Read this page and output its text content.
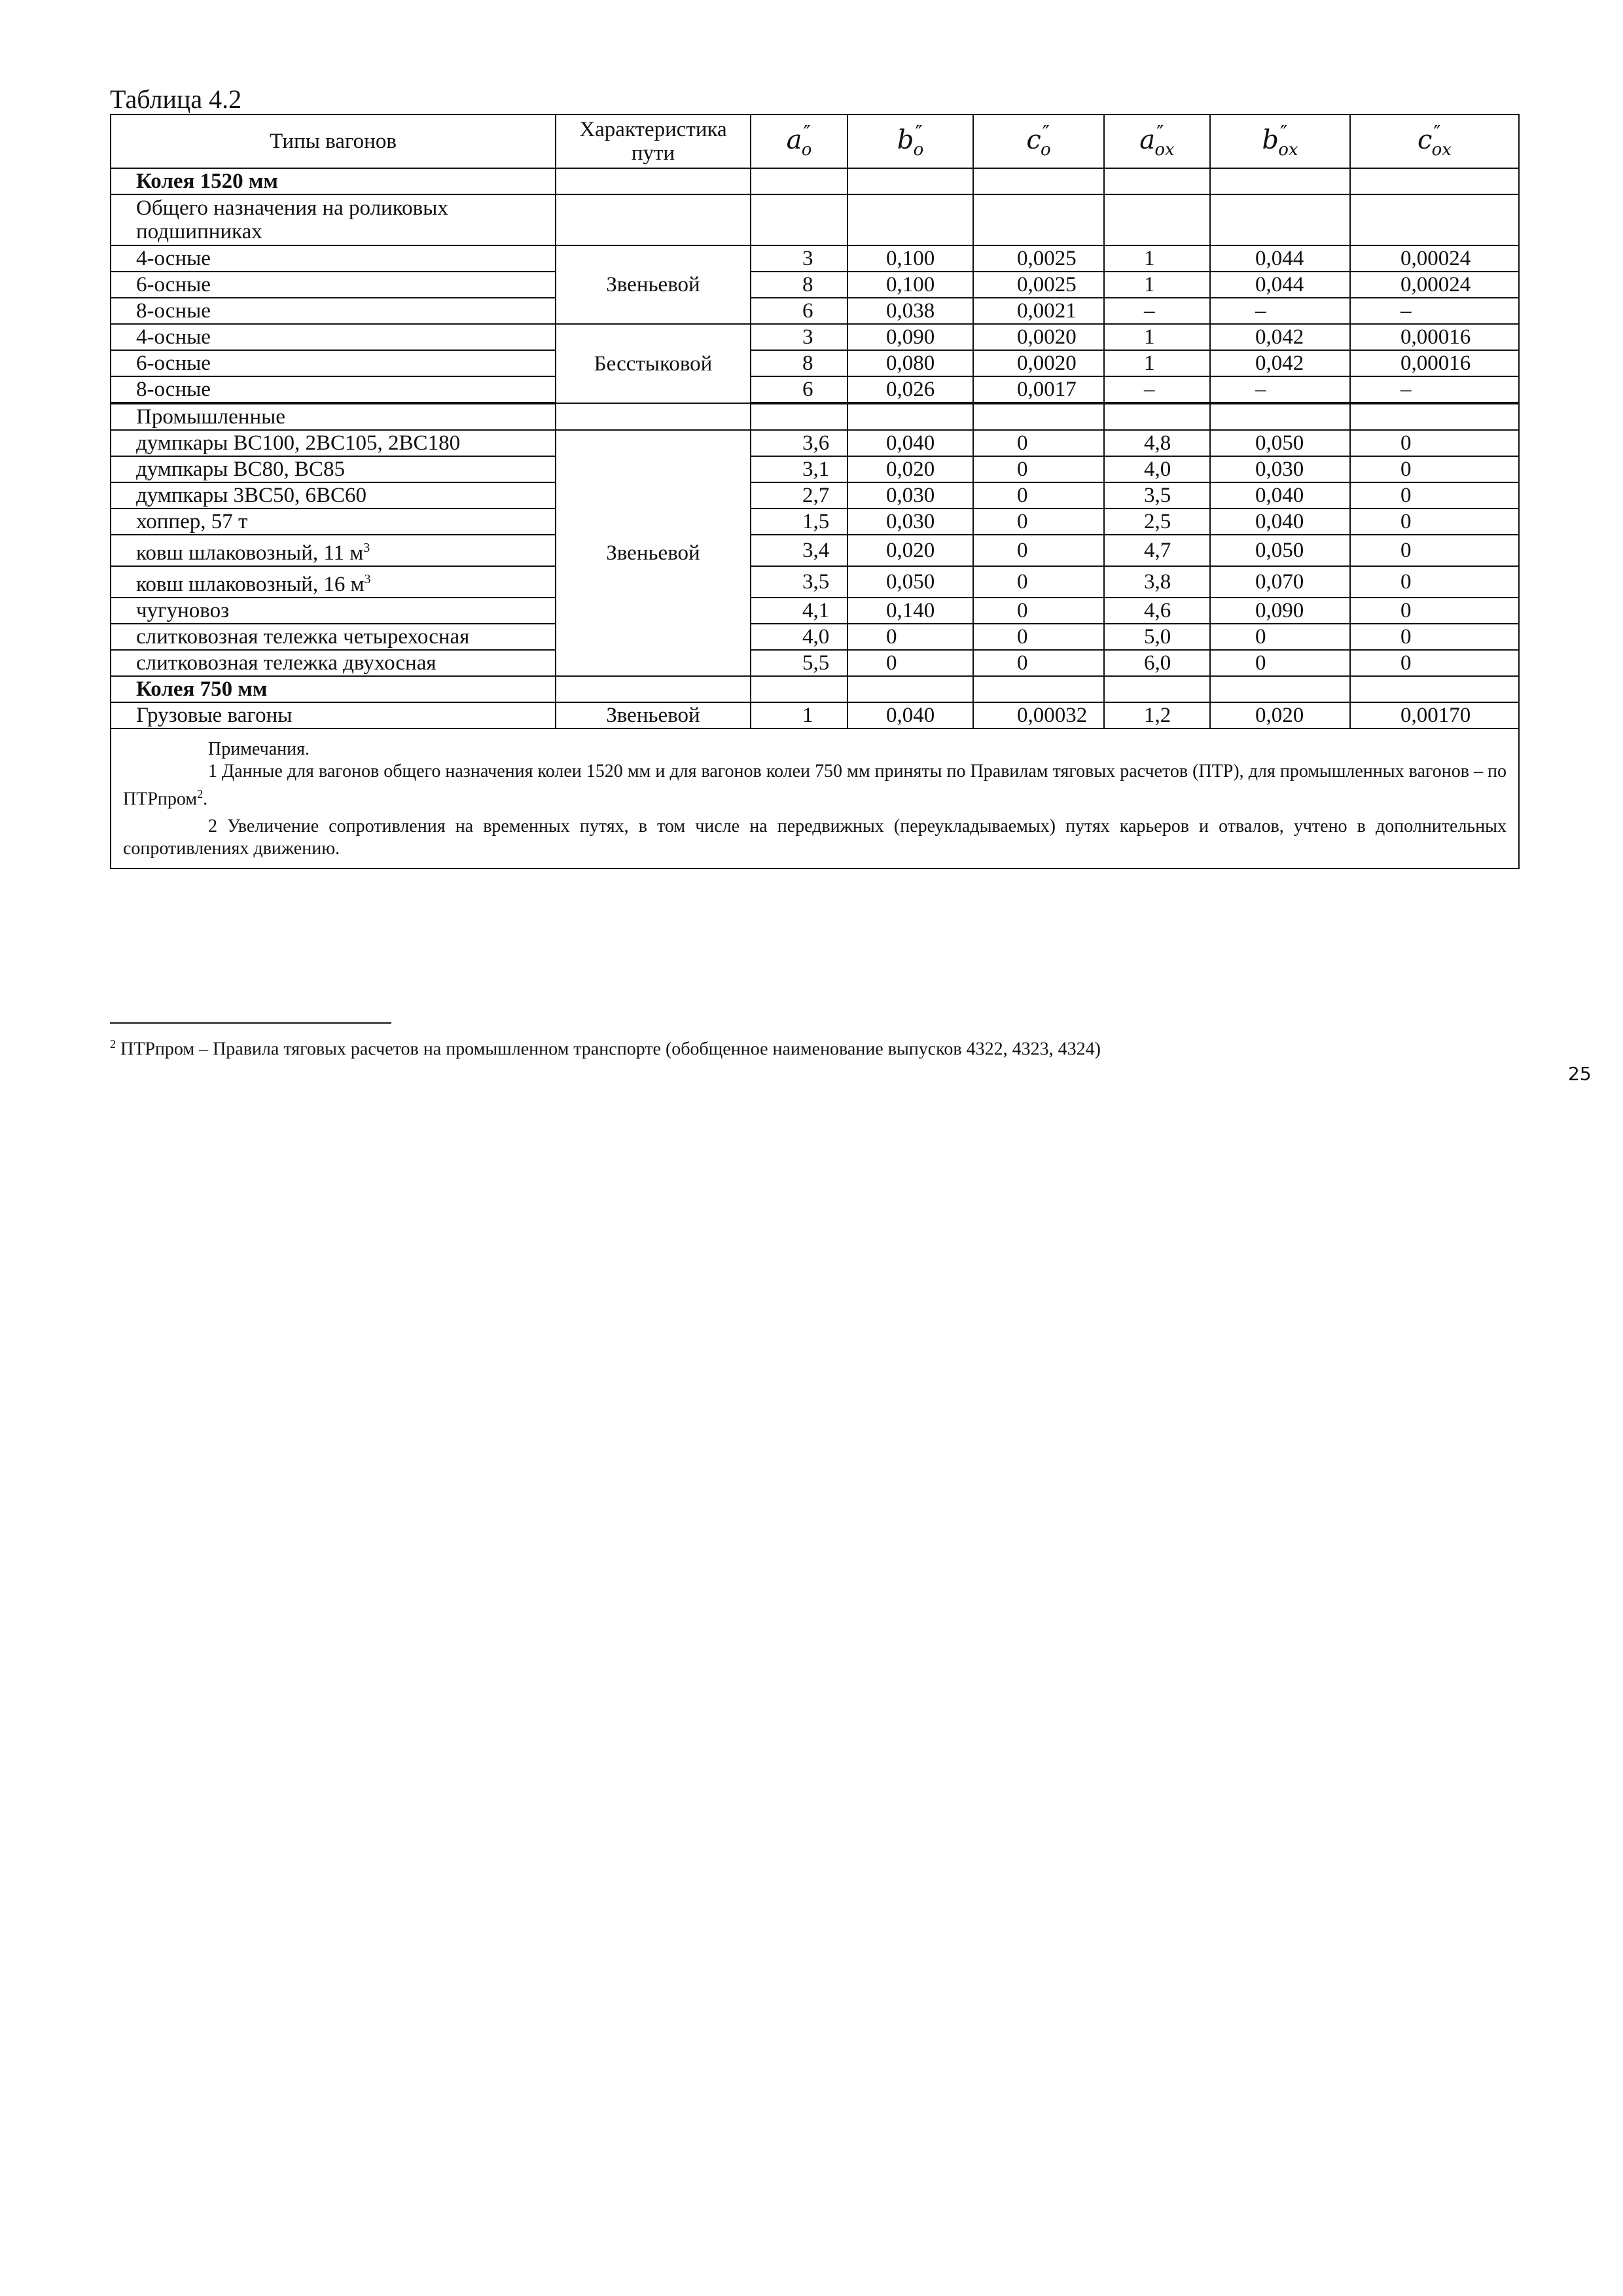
Таблица 4.2
Типы вагонов	Характеристика пути	$a''_o$	$b''_o$	$c''_o$	$a''_{ox}$	$b''_{ox}$	$c''_{ox}$
Колея 1520 мм							
Общего назначения на роликовых подшипниках							
4-осные	Звеньевой	3	0,100	0,0025	1	0,044	0,00024
6-осные		8	0,100	0,0025	1	0,044	0,00024
8-осные		6	0,038	0,0021	–	–	–
4-осные	Бесстыковой	3	0,090	0,0020	1	0,042	0,00016
6-осные		8	0,080	0,0020	1	0,042	0,00016
8-осные		6	0,026	0,0017	–	–	–
Промышленные							
думпкары ВС100, 2ВС105, 2ВС180	Звеньевой	3,6	0,040	0	4,8	0,050	0
думпкары ВС80, ВС85		3,1	0,020	0	4,0	0,030	0
думпкары 3ВС50, 6ВС60		2,7	0,030	0	3,5	0,040	0
хоппер, 57 т		1,5	0,030	0	2,5	0,040	0
ковш шлаковозный, 11 $м^3$		3,4	0,020	0	4,7	0,050	0
ковш шлаковозный, 16 $м^3$		3,5	0,050	0	3,8	0,070	0
чугуновоз		4,1	0,140	0	4,6	0,090	0
слитковозная тележка четырехосная		4,0	0	0	5,0	0	0
слитковозная тележка двухосная		5,5	0	0	6,0	0	0
Колея 750 мм							
Грузовые вагоны	Звеньевой	1	0,040	0,00032	1,2	0,020	0,00170

Примечания.
1 Данные для вагонов общего назначения колеи 1520 мм и для вагонов колеи 750 мм приняты по Правилам тяговых расчетов (ПТР), для промышленных вагонов – по ПТРпром$^2$.
2 Увеличение сопротивления на временных путях, в том числе на передвижных (переукладываемых) путях карьеров и отвалов, учтено в дополнительных сопротивлениях движению.							
$^2$ ПТРпром – Правила тяговых расчетов на промышленном транспорте (обобщенное наименование выпусков 4322, 4323, 4324)
25
